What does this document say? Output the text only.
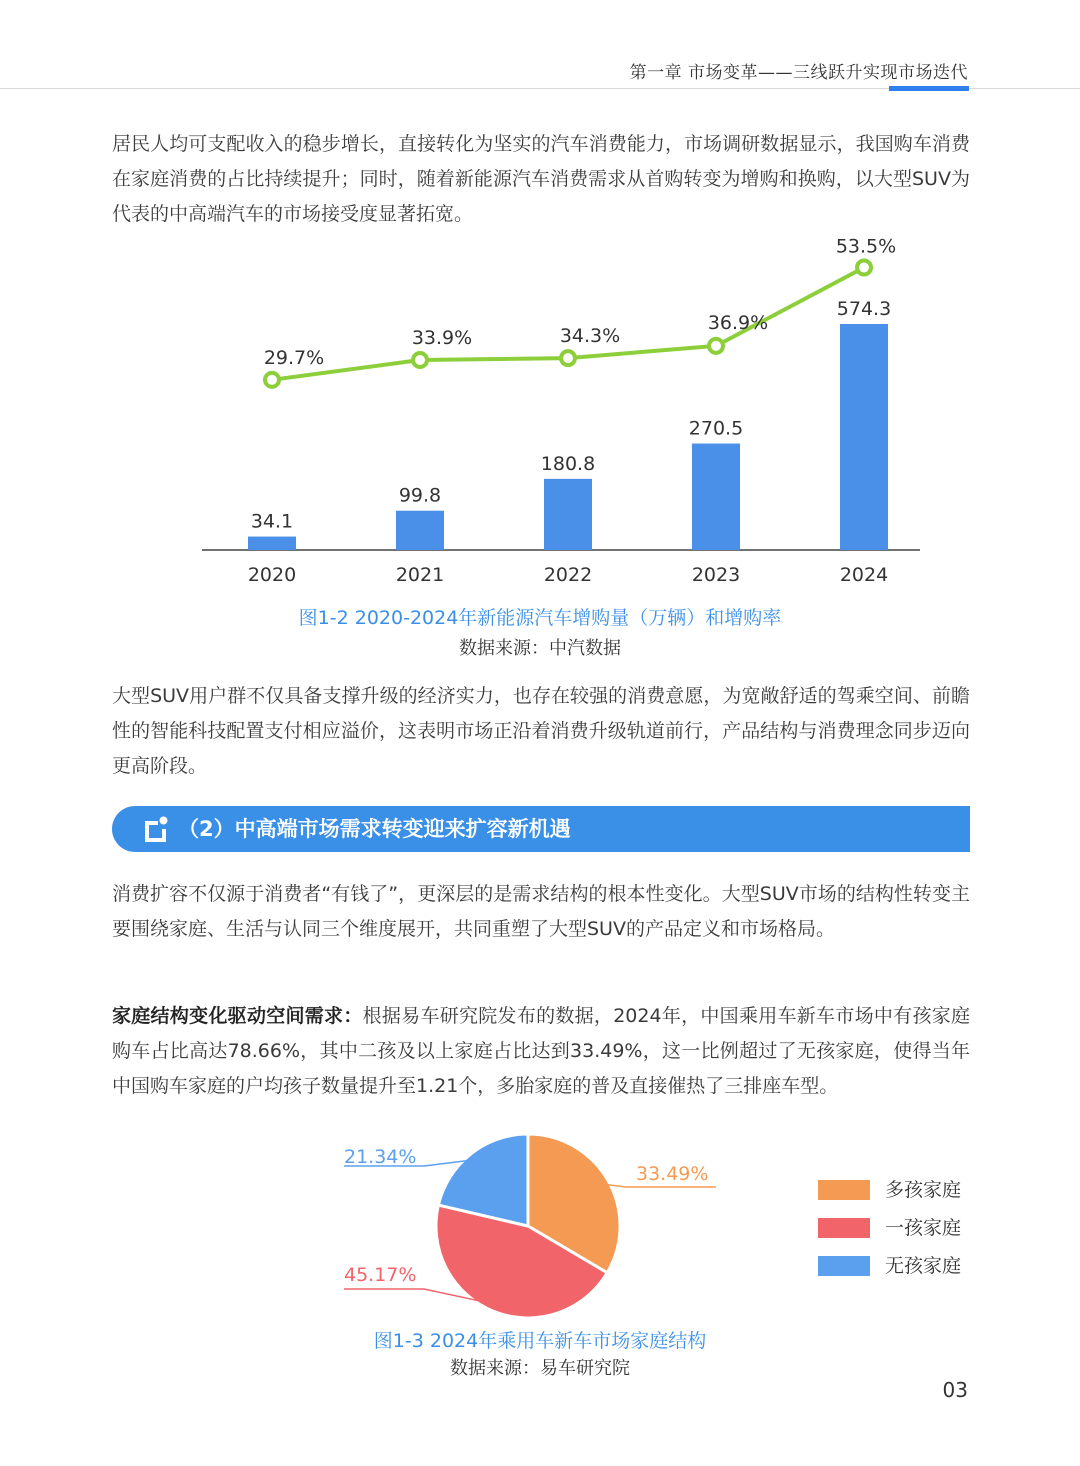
第一章 市场变革——三线跃升实现市场迭代

居民人均可支配收入的稳步增长，直接转化为坚实的汽车消费能力，市场调研数据显示，我国购车消费在家庭消费的占比持续提升；同时，随着新能源汽车消费需求从首购转变为增购和换购，以大型SUV为代表的中高端汽车的市场接受度显著拓宽。

34.1
2020
99.8
2021
180.8
2022
270.5
2023
574.3
2024
29.7%
33.9%	34.3%
36.9%
53.5%

图1-2 2020-2024年新能源汽车增购量（万辆）和增购率

数据来源：中汽数据

大型SUV用户群不仅具备支撑升级的经济实力，也存在较强的消费意愿，为宽敞舒适的驾乘空间、前瞻性的智能科技配置支付相应溢价，这表明市场正沿着消费升级轨道前行，产品结构与消费理念同步迈向更高阶段。

（2）中高端市场需求转变迎来扩容新机遇

消费扩容不仅源于消费者“有钱了”，更深层的是需求结构的根本性变化。大型SUV市场的结构性转变主要围绕家庭、生活与认同三个维度展开，共同重塑了大型SUV的产品定义和市场格局。

家庭结构变化驱动空间需求：根据易车研究院发布的数据，2024年，中国乘用车新车市场中有孩家庭购车占比高达78.66%，其中二孩及以上家庭占比达到33.49%，这一比例超过了无孩家庭，使得当年中国购车家庭的户均孩子数量提升至1.21个，多胎家庭的普及直接催热了三排座车型。

33.49%
45.17%
21.34%
多孩家庭
一孩家庭
无孩家庭

图1-3 2024年乘用车新车市场家庭结构

数据来源：易车研究院

03
